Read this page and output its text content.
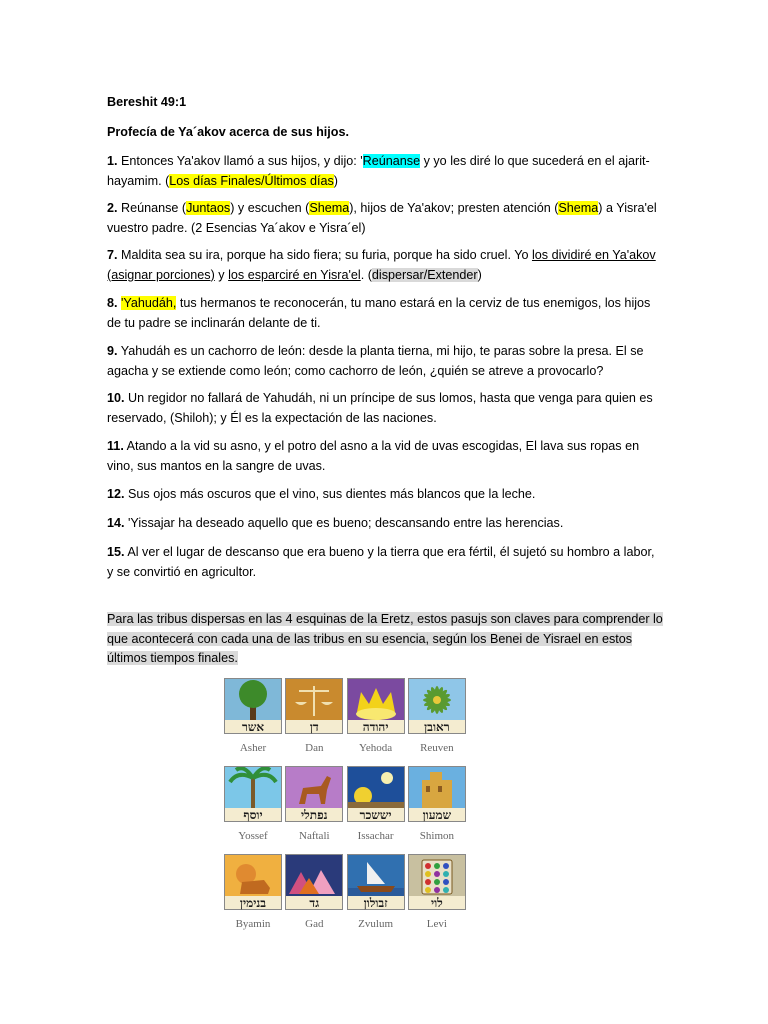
Bereshit 49:1

Profecía de Ya´akov acerca de sus hijos.

1. Entonces Ya'akov llamó a sus hijos, y dijo: 'Reúnanse y yo les diré lo que sucederá en el ajarit-hayamim. (Los días Finales/Últimos días)

2. Reúnanse (Juntaos) y escuchen (Shema), hijos de Ya'akov; presten atención (Shema) a Yisra'el vuestro padre. (2 Esencias Ya´akov e Yisra´el)

7. Maldita sea su ira, porque ha sido fiera; su furia, porque ha sido cruel. Yo los dividiré en Ya'akov (asignar porciones) y los esparciré en Yisra'el. (dispersar/Extender)

8. 'Yahudáh, tus hermanos te reconocerán, tu mano estará en la cerviz de tus enemigos, los hijos de tu padre se inclinarán delante de ti.

9. Yahudáh es un cachorro de león: desde la planta tierna, mi hijo, te paras sobre la presa. El se agacha y se extiende como león; como cachorro de león, ¿quién se atreve a provocarlo?

10. Un regidor no fallará de Yahudáh, ni un príncipe de sus lomos, hasta que venga para quien es reservado, (Shiloh); y Él es la expectación de las naciones.

11. Atando a la vid su asno, y el potro del asno a la vid de uvas escogidas, El lava sus ropas en vino, sus mantos en la sangre de uvas.

12. Sus ojos más oscuros que el vino, sus dientes más blancos que la leche.

14. 'Yissajar ha deseado aquello que es bueno; descansando entre las herencias.

15. Al ver el lugar de descanso que era bueno y la tierra que era fértil, él sujetó su hombro a labor, y se convirtió en agricultor.

Para las tribus dispersas en las 4 esquinas de la Eretz, estos pasujs son claves para comprender lo que acontecerá con cada una de las tribus en su esencia, según los Benei de Yisrael en estos últimos tiempos finales.

אשר
Asher
דן
Dan
יהודה
Yehoda
ראובן
Reuven
יוסף
Yossef
נפתלי
Naftali
יששכר
Issachar
שמעון
Shimon
בנימין
Byamin
גד
Gad
זבולון
Zvulum
לוי
Levi
